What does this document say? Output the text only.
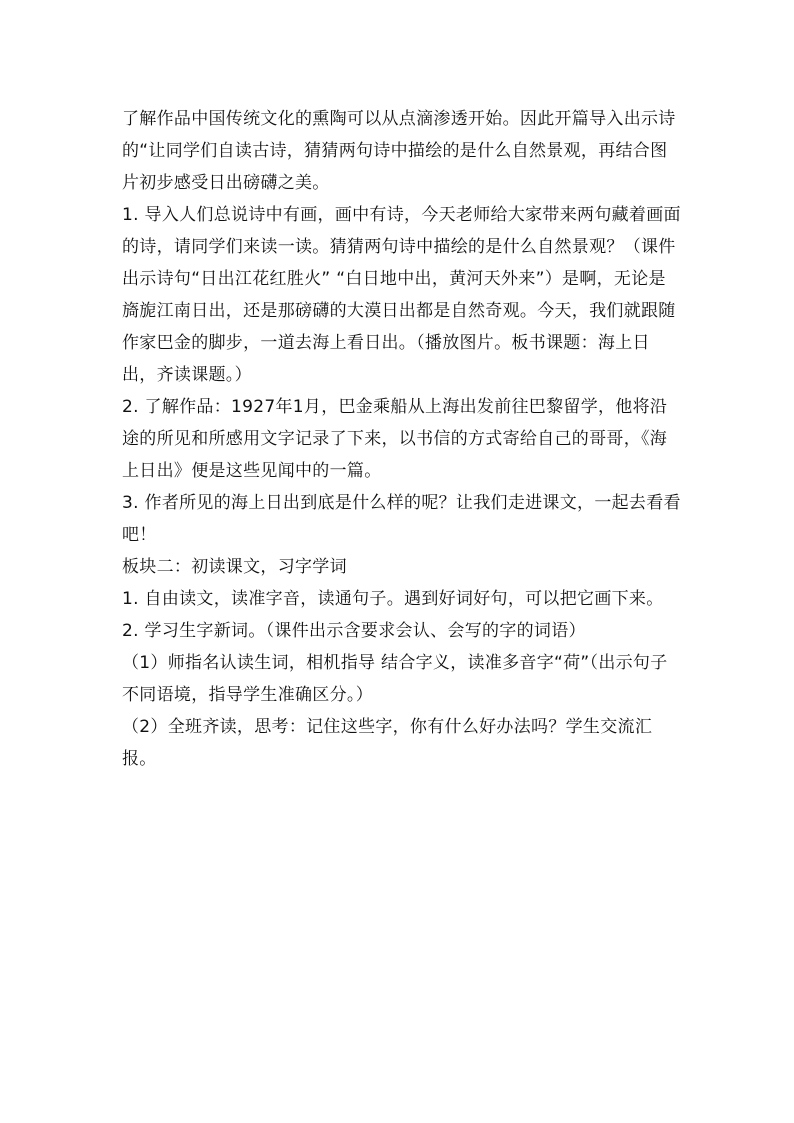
了解作品中国传统文化的熏陶可以从点滴渗透开始。因此开篇导入出示诗的“让同学们自读古诗，猜猜两句诗中描绘的是什么自然景观，再结合图片初步感受日出磅礴之美。

1. 导入人们总说诗中有画，画中有诗，今天老师给大家带来两句藏着画面的诗，请同学们来读一读。猜猜两句诗中描绘的是什么自然景观？（课件出示诗句“日出江花红胜火” “白日地中出，黄河天外来”）是啊，无论是旖旎江南日出，还是那磅礴的大漠日出都是自然奇观。今天，我们就跟随作家巴金的脚步，一道去海上看日出。（播放图片。板书课题：海上日出，齐读课题。）

2. 了解作品：1927年1月，巴金乘船从上海出发前往巴黎留学，他将沿途的所见和所感用文字记录了下来，以书信的方式寄给自己的哥哥，《海上日出》便是这些见闻中的一篇。

3. 作者所见的海上日出到底是什么样的呢？让我们走进课文，一起去看看吧！

板块二：初读课文，习字学词

1. 自由读文，读准字音，读通句子。遇到好词好句，可以把它画下来。

2. 学习生字新词。（课件出示含要求会认、会写的字的词语）

（1）师指名认读生词，相机指导 结合字义，读准多音字“荷”（出示句子不同语境，指导学生准确区分。）

（2）全班齐读，思考：记住这些字，你有什么好办法吗？学生交流汇报。
